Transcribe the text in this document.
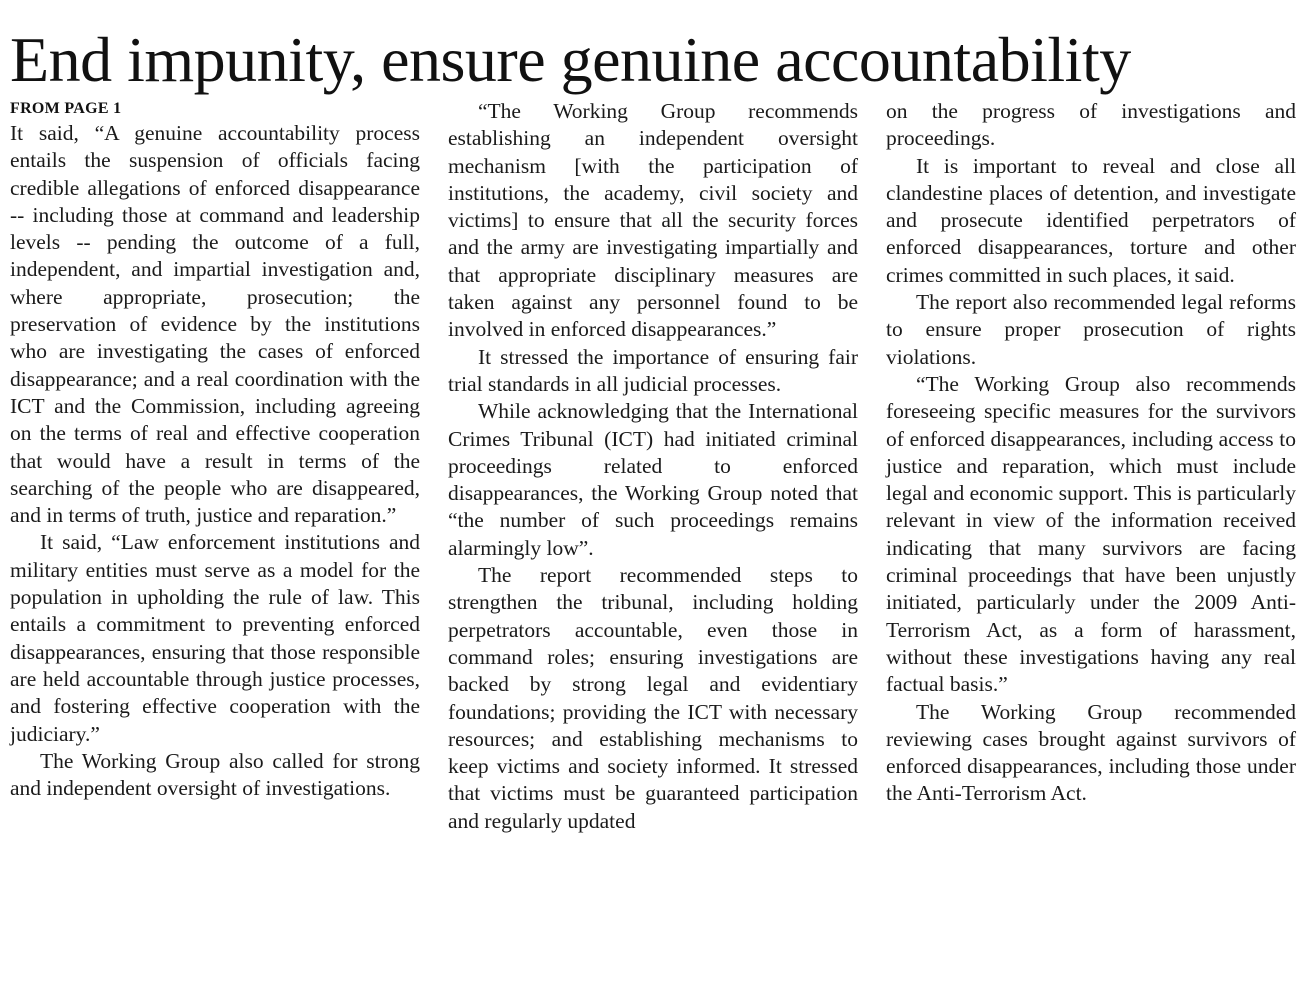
End impunity, ensure genuine accountability
FROM PAGE 1

It said, “A genuine accountability process entails the suspension of officials facing credible allegations of enforced disappearance -- including those at command and leadership levels -- pending the outcome of a full, independent, and impartial investigation and, where appropriate, prosecution; the preservation of evidence by the institutions who are investigating the cases of enforced disappearance; and a real coordination with the ICT and the Commission, including agreeing on the terms of real and effective cooperation that would have a result in terms of the searching of the people who are disappeared, and in terms of truth, justice and reparation.”

It said, “Law enforcement institutions and military entities must serve as a model for the population in upholding the rule of law. This entails a commitment to preventing enforced disappearances, ensuring that those responsible are held accountable through justice processes, and fostering effective cooperation with the judiciary.”

The Working Group also called for strong and independent oversight of investigations.

“The Working Group recommends establishing an independent oversight mechanism [with the participation of institutions, the academy, civil society and victims] to ensure that all the security forces and the army are investigating impartially and that appropriate disciplinary measures are taken against any personnel found to be involved in enforced disappearances.”

It stressed the importance of ensuring fair trial standards in all judicial processes.

While acknowledging that the International Crimes Tribunal (ICT) had initiated criminal proceedings related to enforced disappearances, the Working Group noted that “the number of such proceedings remains alarmingly low”.

The report recommended steps to strengthen the tribunal, including holding perpetrators accountable, even those in command roles; ensuring investigations are backed by strong legal and evidentiary foundations; providing the ICT with necessary resources; and establishing mechanisms to keep victims and society informed. It stressed that victims must be guaranteed participation and regularly updated

on the progress of investigations and proceedings.

It is important to reveal and close all clandestine places of detention, and investigate and prosecute identified perpetrators of enforced disappearances, torture and other crimes committed in such places, it said.

The report also recommended legal reforms to ensure proper prosecution of rights violations.

“The Working Group also recommends foreseeing specific measures for the survivors of enforced disappearances, including access to justice and reparation, which must include legal and economic support. This is particularly relevant in view of the information received indicating that many survivors are facing criminal proceedings that have been unjustly initiated, particularly under the 2009 Anti-Terrorism Act, as a form of harassment, without these investigations having any real factual basis.”

The Working Group recommended reviewing cases brought against survivors of enforced disappearances, including those under the Anti-Terrorism Act.
